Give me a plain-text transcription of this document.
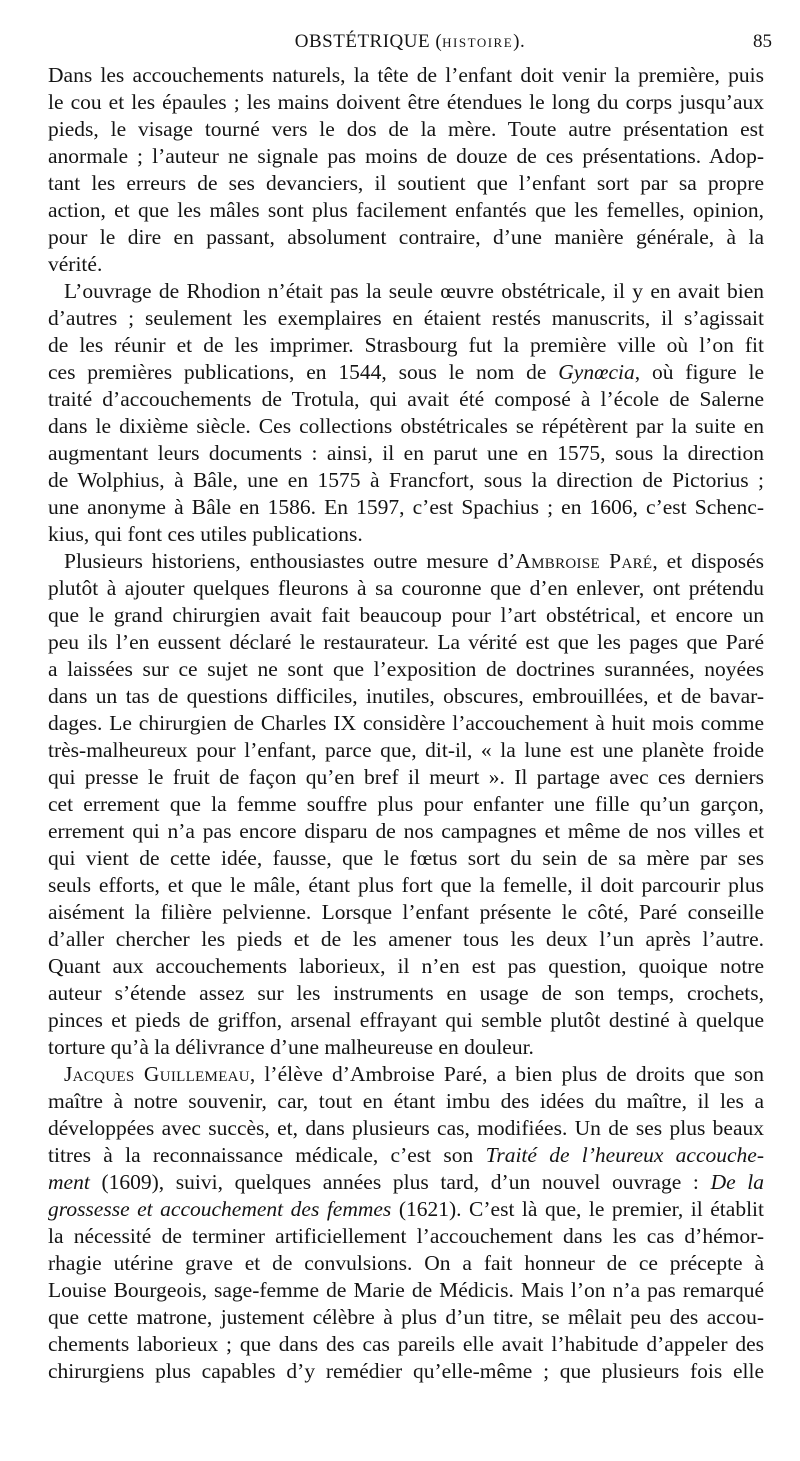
OBSTÉTRIQUE (HISTOIRE).	85
Dans les accouchements naturels, la tête de l’enfant doit venir la première, puis
le cou et les épaules ; les mains doivent être étendues le long du corps jusqu’aux
pieds, le visage tourné vers le dos de la mère. Toute autre présentation est
anormale ; l’auteur ne signale pas moins de douze de ces présentations. Adop-
tant les erreurs de ses devanciers, il soutient que l’enfant sort par sa propre
action, et que les mâles sont plus facilement enfantés que les femelles, opinion,
pour le dire en passant, absolument contraire, d’une manière générale, à la
vérité.
L’ouvrage de Rhodion n’était pas la seule œuvre obstétricale, il y en avait bien
d’autres ; seulement les exemplaires en étaient restés manuscrits, il s’agissait
de les réunir et de les imprimer. Strasbourg fut la première ville où l’on fit
ces premières publications, en 1544, sous le nom de Gynœcia, où figure le
traité d’accouchements de Trotula, qui avait été composé à l’école de Salerne
dans le dixième siècle. Ces collections obstétricales se répétèrent par la suite en
augmentant leurs documents : ainsi, il en parut une en 1575, sous la direction
de Wolphius, à Bâle, une en 1575 à Francfort, sous la direction de Pictorius ;
une anonyme à Bâle en 1586. En 1597, c’est Spachius ; en 1606, c’est Schenc-
kius, qui font ces utiles publications.
Plusieurs historiens, enthousiastes outre mesure d’Ambroise Paré, et disposés
plutôt à ajouter quelques fleurons à sa couronne que d’en enlever, ont prétendu
que le grand chirurgien avait fait beaucoup pour l’art obstétrical, et encore un
peu ils l’en eussent déclaré le restaurateur. La vérité est que les pages que Paré
a laissées sur ce sujet ne sont que l’exposition de doctrines surannées, noyées
dans un tas de questions difficiles, inutiles, obscures, embrouillées, et de bavar-
dages. Le chirurgien de Charles IX considère l’accouchement à huit mois comme
très-malheureux pour l’enfant, parce que, dit-il, « la lune est une planète froide
qui presse le fruit de façon qu’en bref il meurt ». Il partage avec ces derniers
cet errement que la femme souffre plus pour enfanter une fille qu’un garçon,
errement qui n’a pas encore disparu de nos campagnes et même de nos villes et
qui vient de cette idée, fausse, que le fœtus sort du sein de sa mère par ses
seuls efforts, et que le mâle, étant plus fort que la femelle, il doit parcourir plus
aisément la filière pelvienne. Lorsque l’enfant présente le côté, Paré conseille
d’aller chercher les pieds et de les amener tous les deux l’un après l’autre.
Quant aux accouchements laborieux, il n’en est pas question, quoique notre
auteur s’étende assez sur les instruments en usage de son temps, crochets,
pinces et pieds de griffon, arsenal effrayant qui semble plutôt destiné à quelque
torture qu’à la délivrance d’une malheureuse en douleur.
Jacques Guillemeau, l’élève d’Ambroise Paré, a bien plus de droits que son
maître à notre souvenir, car, tout en étant imbu des idées du maître, il les a
développées avec succès, et, dans plusieurs cas, modifiées. Un de ses plus beaux
titres à la reconnaissance médicale, c’est son Traité de l’heureux accouche-
ment (1609), suivi, quelques années plus tard, d’un nouvel ouvrage : De la
grossesse et accouchement des femmes (1621). C’est là que, le premier, il établit
la nécessité de terminer artificiellement l’accouchement dans les cas d’hémor-
rhagie utérine grave et de convulsions. On a fait honneur de ce précepte à
Louise Bourgeois, sage-femme de Marie de Médicis. Mais l’on n’a pas remarqué
que cette matrone, justement célèbre à plus d’un titre, se mêlait peu des accou-
chements laborieux ; que dans des cas pareils elle avait l’habitude d’appeler des
chirurgiens plus capables d’y remédier qu’elle-même ; que plusieurs fois elle
